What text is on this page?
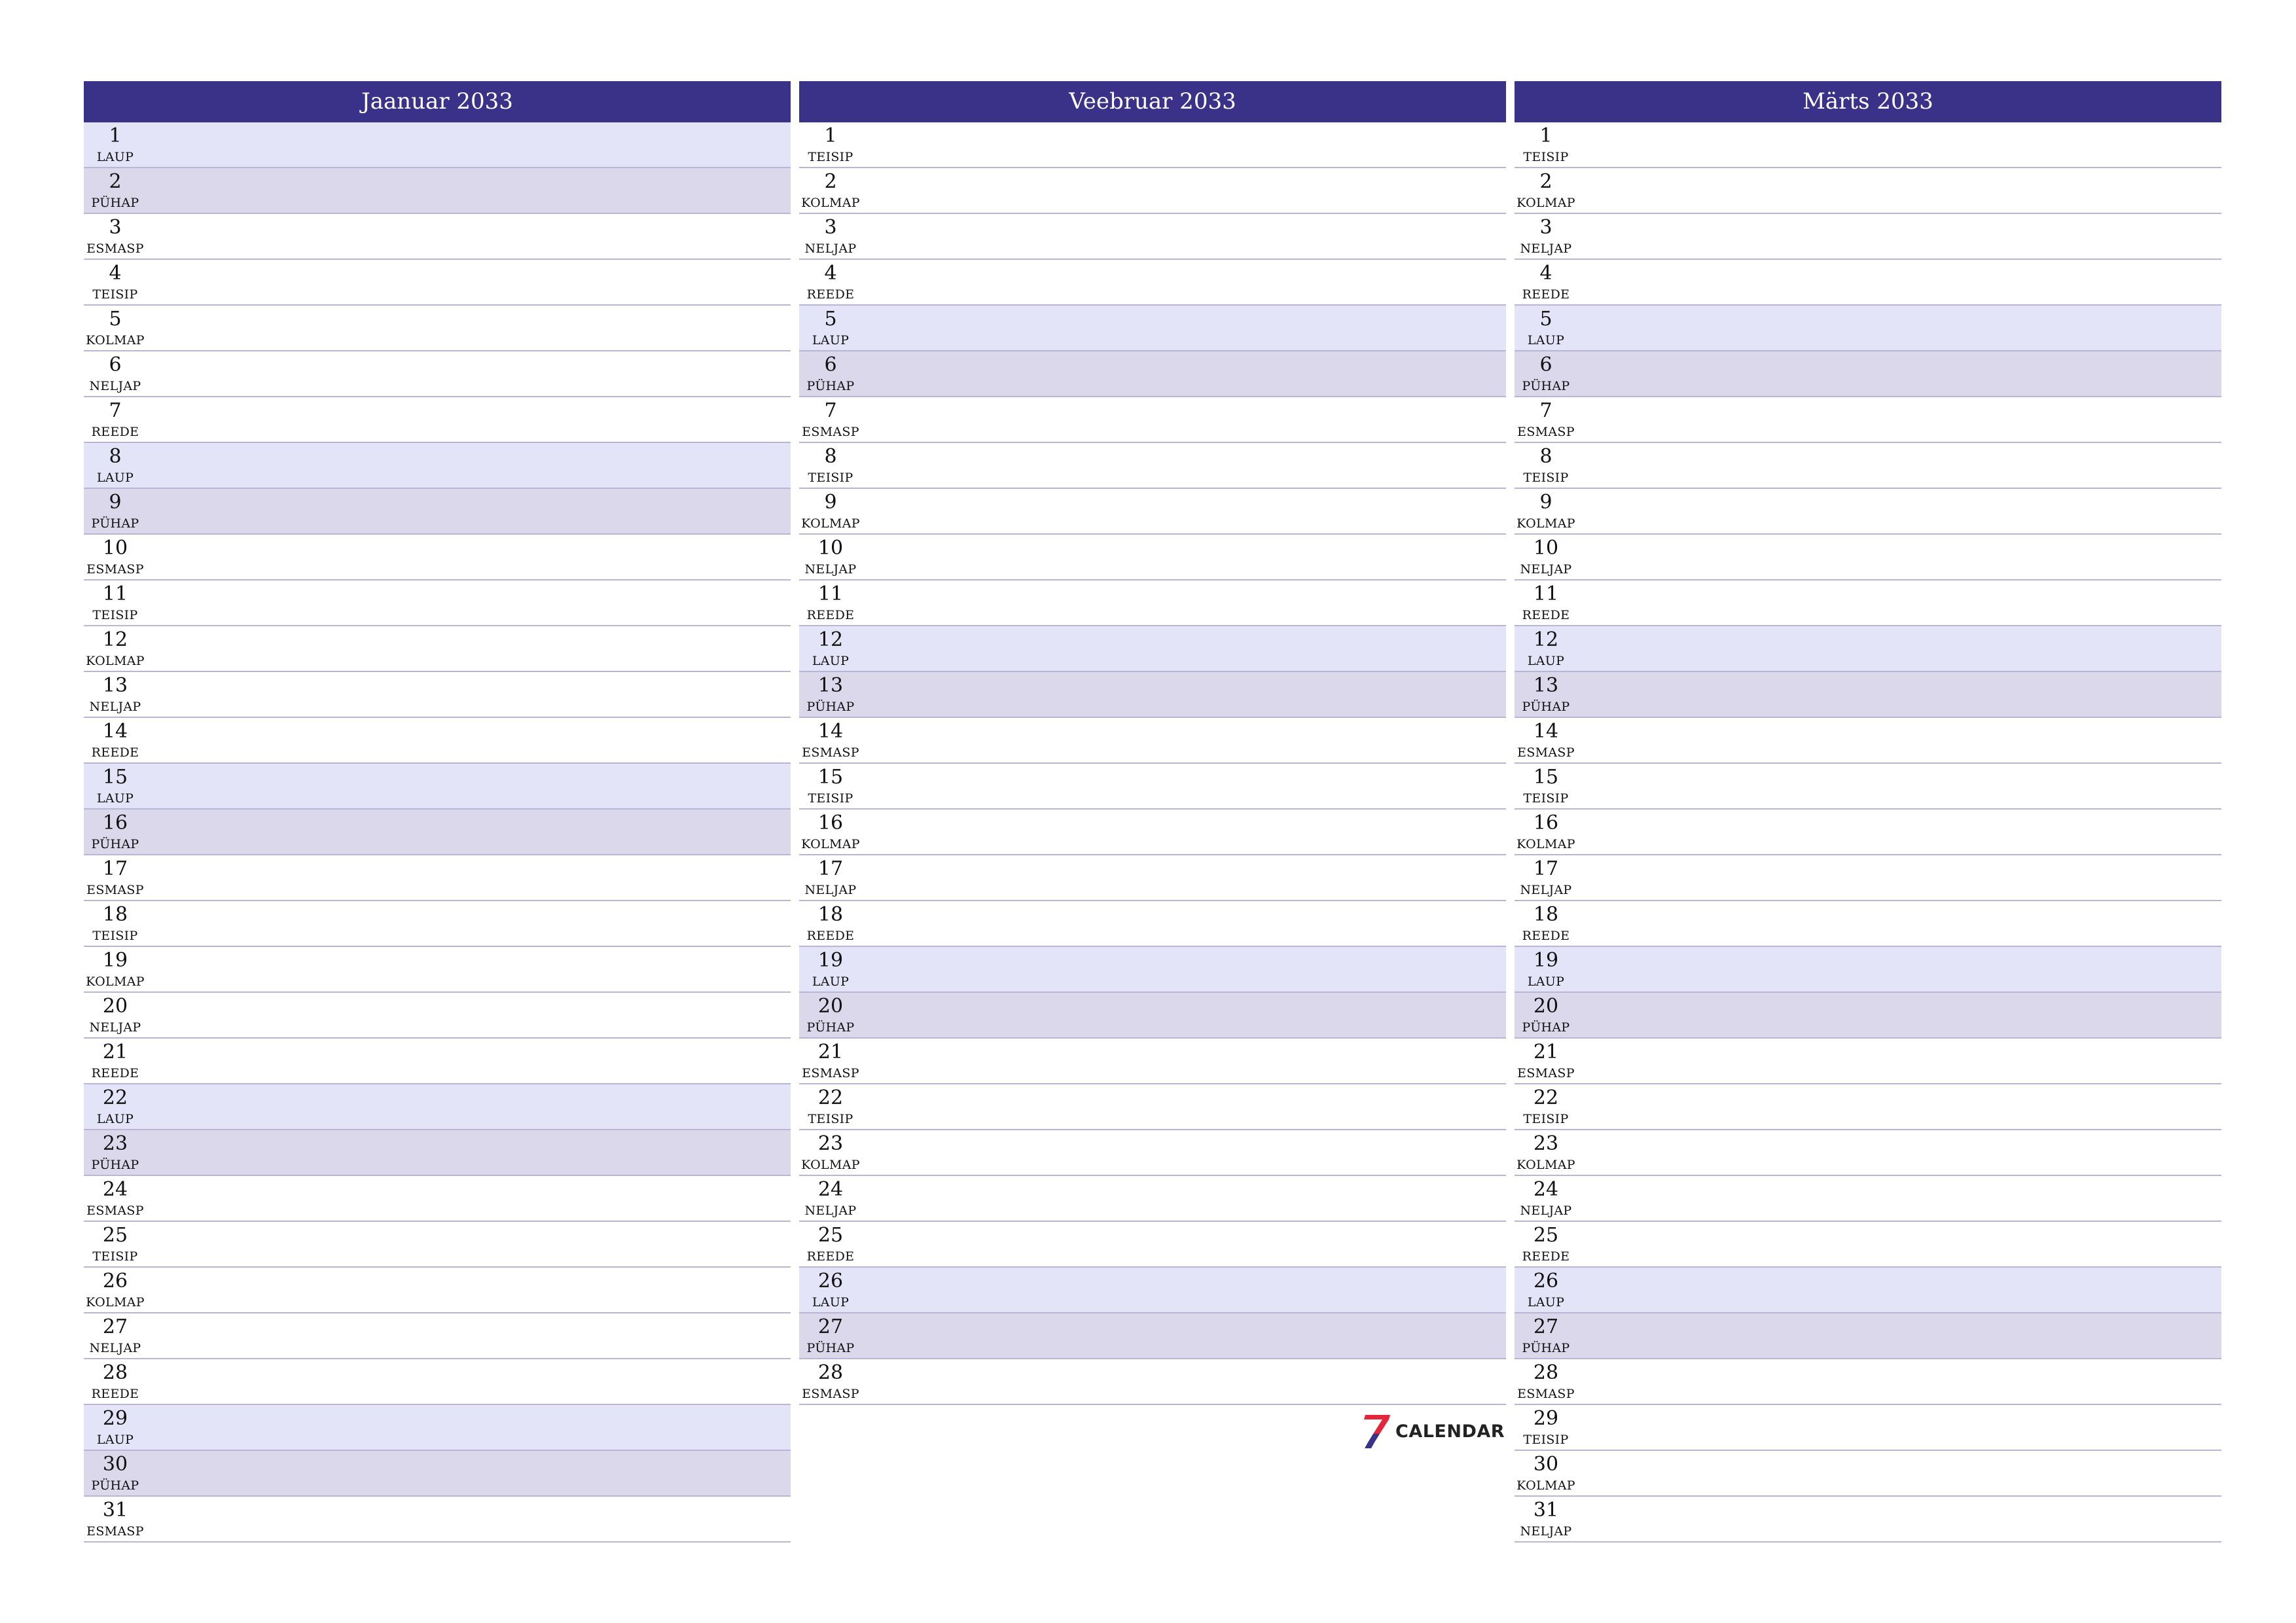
Jaanuar 2033
1
LAUP
2
PÜHAP
3
ESMASP
4
TEISIP
5
KOLMAP
6
NELJAP
7
REEDE
8
LAUP
9
PÜHAP
10
ESMASP
11
TEISIP
12
KOLMAP
13
NELJAP
14
REEDE
15
LAUP
16
PÜHAP
17
ESMASP
18
TEISIP
19
KOLMAP
20
NELJAP
21
REEDE
22
LAUP
23
PÜHAP
24
ESMASP
25
TEISIP
26
KOLMAP
27
NELJAP
28
REEDE
29
LAUP
30
PÜHAP
31
ESMASP
Veebruar 2033
1
TEISIP
2
KOLMAP
3
NELJAP
4
REEDE
5
LAUP
6
PÜHAP
7
ESMASP
8
TEISIP
9
KOLMAP
10
NELJAP
11
REEDE
12
LAUP
13
PÜHAP
14
ESMASP
15
TEISIP
16
KOLMAP
17
NELJAP
18
REEDE
19
LAUP
20
PÜHAP
21
ESMASP
22
TEISIP
23
KOLMAP
24
NELJAP
25
REEDE
26
LAUP
27
PÜHAP
28
ESMASP
Märts 2033
1
TEISIP
2
KOLMAP
3
NELJAP
4
REEDE
5
LAUP
6
PÜHAP
7
ESMASP
8
TEISIP
9
KOLMAP
10
NELJAP
11
REEDE
12
LAUP
13
PÜHAP
14
ESMASP
15
TEISIP
16
KOLMAP
17
NELJAP
18
REEDE
19
LAUP
20
PÜHAP
21
ESMASP
22
TEISIP
23
KOLMAP
24
NELJAP
25
REEDE
26
LAUP
27
PÜHAP
28
ESMASP
29
TEISIP
30
KOLMAP
31
NELJAP
CALENDAR
